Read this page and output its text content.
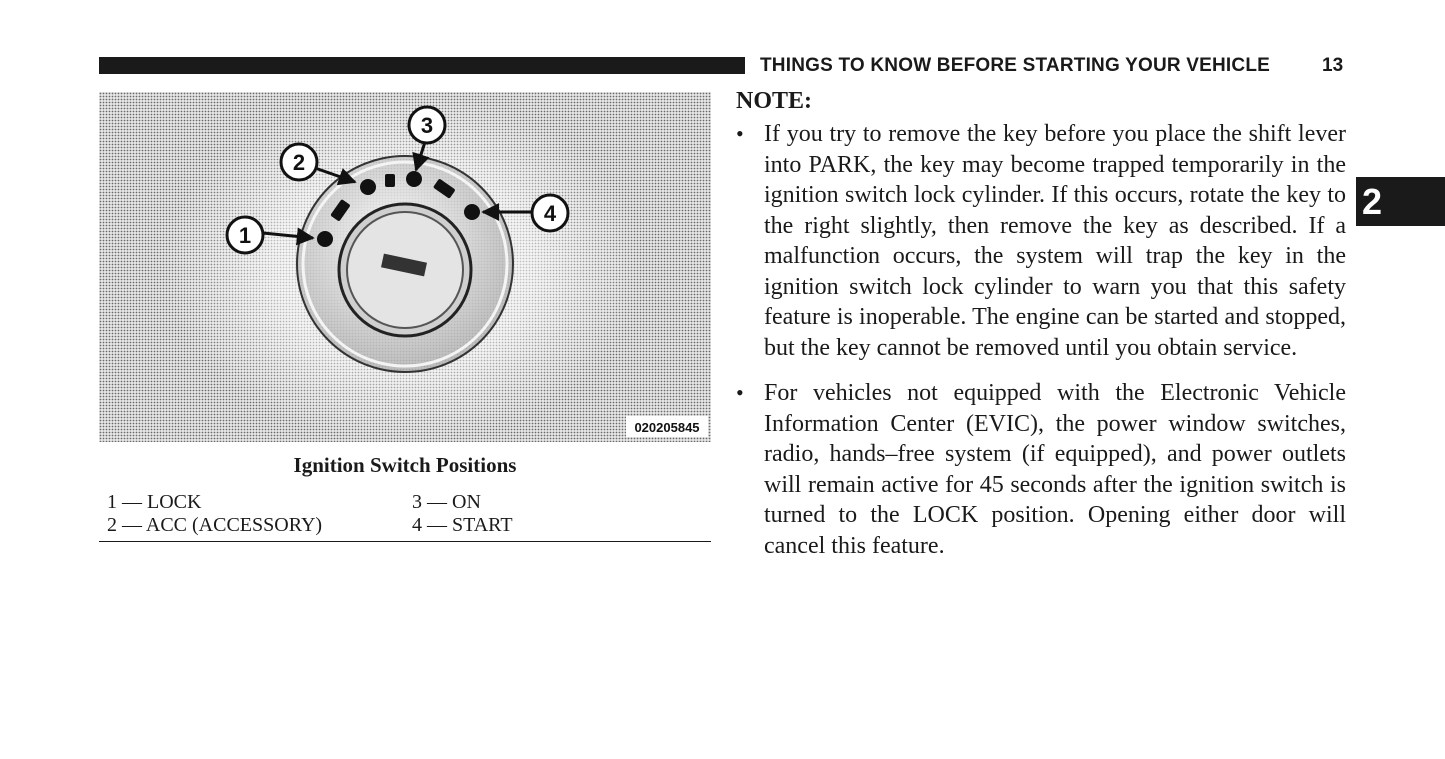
THINGS TO KNOW BEFORE STARTING YOUR VEHICLE	13
2
1
2
3
4
020205845
Ignition Switch Positions
1 — LOCK	3 — ON
2 — ACC (ACCESSORY)	4 — START
NOTE:
• If you try to remove the key before you place the shift lever into PARK, the key may become trapped temporarily in the ignition switch lock cylinder. If this occurs, rotate the key to the right slightly, then remove the key as described. If a malfunction occurs, the system will trap the key in the ignition switch lock cylinder to warn you that this safety feature is inoperable. The engine can be started and stopped, but the key cannot be removed until you obtain service.
• For vehicles not equipped with the Electronic Vehicle Information Center (EVIC), the power window switches, radio, hands–free system (if equipped), and power outlets will remain active for 45 seconds after the ignition switch is turned to the LOCK position. Opening either door will cancel this feature.
